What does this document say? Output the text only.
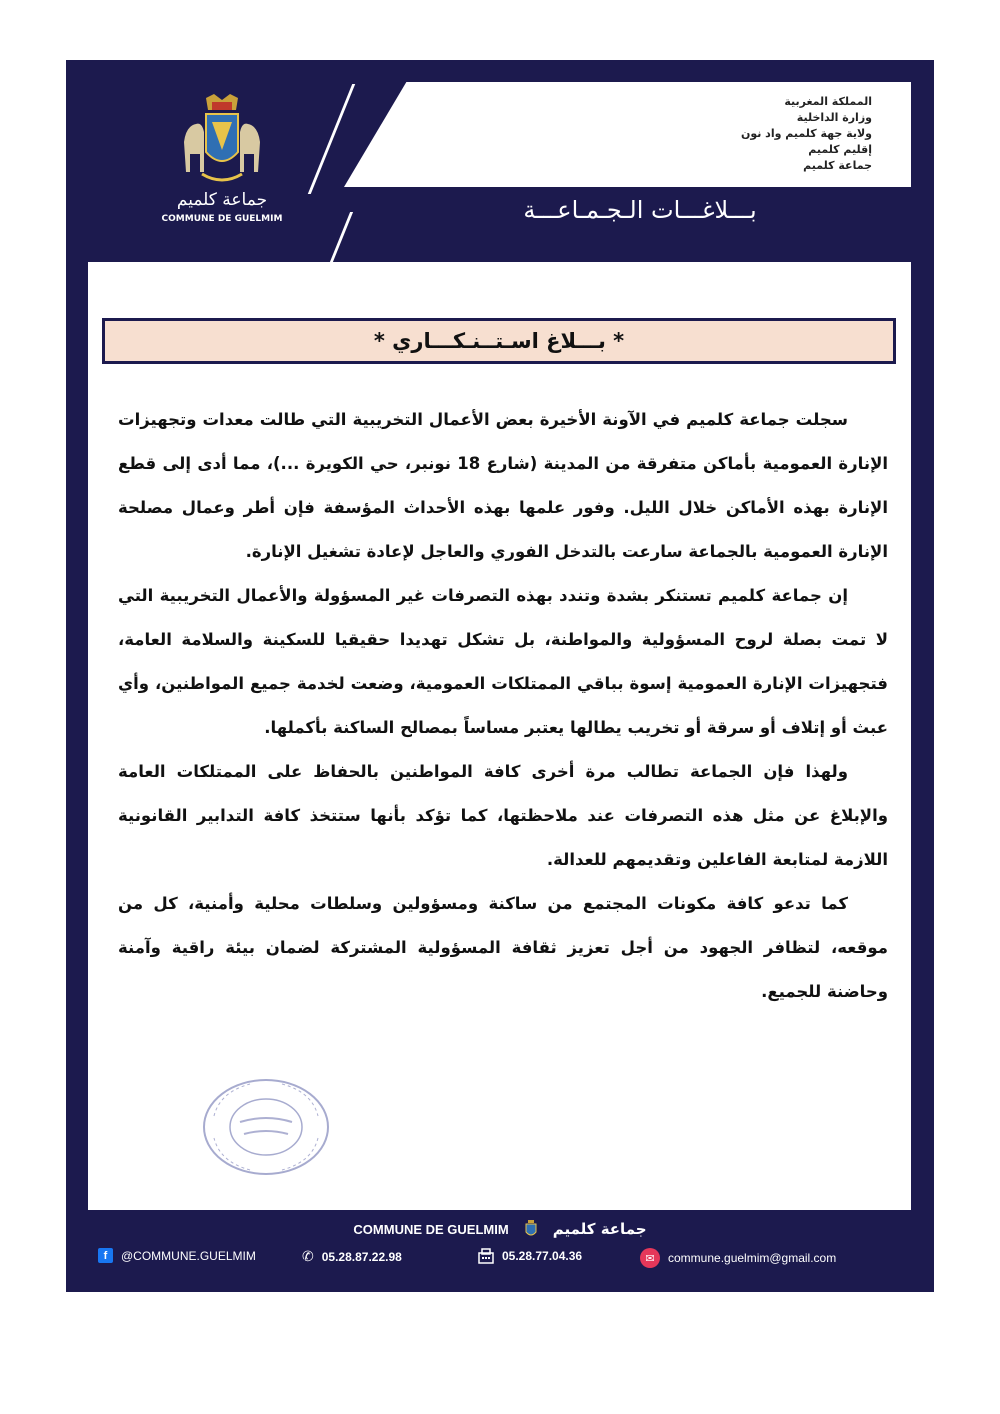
المملكة المغربية
وزارة الداخلية
ولاية جهة كلميم واد نون
إقليم كلميم
جماعة كلميم
بـــلاغـــات الـجـمـاعـــة
جماعة كلميم
COMMUNE DE GUELMIM
* بـــلاغ اسـتــنـكـــاري *

سجلت جماعة كلميم في الآونة الأخيرة بعض الأعمال التخريبية التي طالت معدات وتجهيزات الإنارة العمومية بأماكن متفرقة من المدينة (شارع 18 نونبر، حي الكويرة ...)، مما أدى إلى قطع الإنارة بهذه الأماكن خلال الليل. وفور علمها بهذه الأحداث المؤسفة فإن أطر وعمال مصلحة الإنارة العمومية بالجماعة سارعت بالتدخل الفوري والعاجل لإعادة تشغيل الإنارة.

إن جماعة كلميم تستنكر بشدة وتندد بهذه التصرفات غير المسؤولة والأعمال التخريبية التي لا تمت بصلة لروح المسؤولية والمواطنة، بل تشكل تهديدا حقيقيا للسكينة والسلامة العامة، فتجهيزات الإنارة العمومية إسوة بباقي الممتلكات العمومية، وضعت لخدمة جميع المواطنين، وأي عبث أو إتلاف أو سرقة أو تخريب يطالها يعتبر مساساً بمصالح الساكنة بأكملها.

ولهذا فإن الجماعة تطالب مرة أخرى كافة المواطنين بالحفاظ على الممتلكات العامة والإبلاغ عن مثل هذه التصرفات عند ملاحظتها، كما تؤكد بأنها ستتخذ كافة التدابير القانونية اللازمة لمتابعة الفاعلين وتقديمهم للعدالة.

كما تدعو كافة مكونات المجتمع من ساكنة ومسؤولين وسلطات محلية وأمنية، كل من موقعه، لتظافر الجهود من أجل تعزيز ثقافة المسؤولية المشتركة لضمان بيئة راقية وآمنة وحاضنة للجميع.

COMMUNE DE GUELMIM	جماعة كلميم
f	@COMMUNE.GUELMIM	✆ 05.28.87.22.98	05.28.77.04.36	✉	commune.guelmim@gmail.com
